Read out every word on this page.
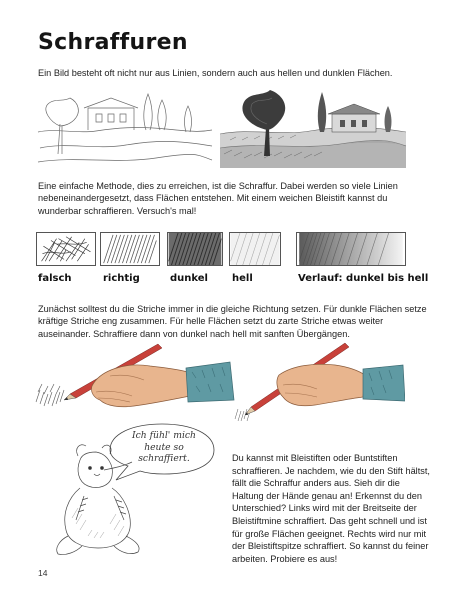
Schraffuren

Ein Bild besteht oft nicht nur aus Linien, sondern auch aus hellen und dunklen Flächen.

Eine einfache Methode, dies zu erreichen, ist die Schraffur. Dabei werden so viele Linien nebeneinandergesetzt, dass Flächen entstehen. Mit einem weichen Bleistift kannst du wunderbar schraffieren. Versuch's mal!

falsch	richtig	dunkel hell	Verlauf: dunkel bis hell

Zunächst solltest du die Striche immer in die gleiche Richtung setzen. Für dunkle Flächen setze kräftige Striche eng zusammen. Für helle Flächen setzt du zarte Striche etwas weiter auseinander. Schraffiere dann von dunkel nach hell mit sanften Übergängen.

Ich fühl' mich heute so schraffiert.	Du kannst mit Bleistiften oder Buntstiften schraffieren. Je nachdem, wie du den Stift hältst, fällt die Schraffur anders aus. Sieh dir die Haltung der Hände genau an! Erkennst du den Unterschied? Links wird mit der Breitseite der Bleistiftmine schraffiert. Das geht schnell und ist für große Flächen geeignet. Rechts wird nur mit der Bleistiftspitze schraffiert. So kannst du feiner arbeiten. Probiere es aus!

14
